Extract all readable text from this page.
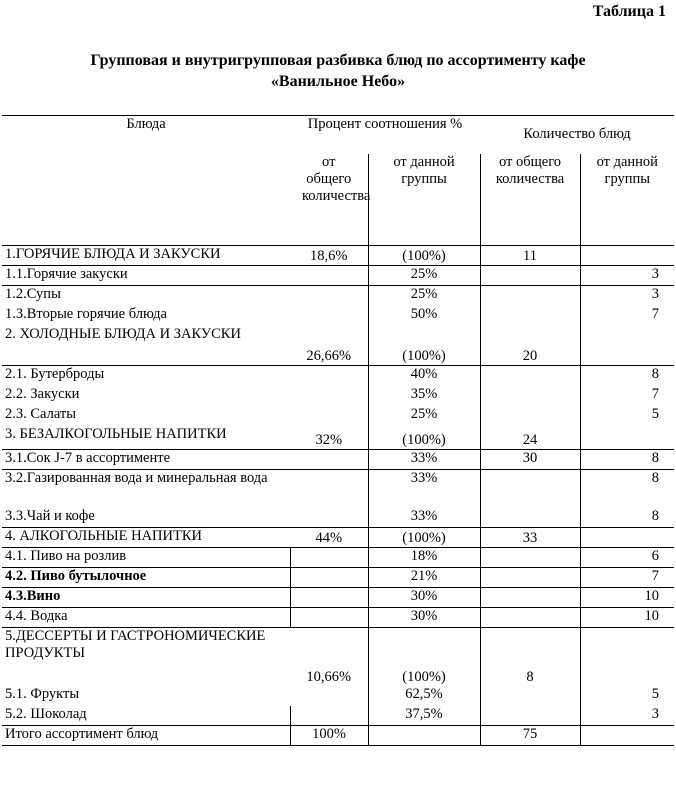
Таблица 1
Групповая и внутригрупповая разбивка блюд по ассортименту кафе
«Ванильное Небо»
Блюда	Процент соотношения %		Количество блюд	
	от общего количества	от данной группы	от общего количества	от данной группы
1.ГОРЯЧИЕ БЛЮДА И ЗАКУСКИ	18,6%	(100%)	11	
1.1.Горячие закуски		25%		3
1.2.Супы		25%		3
1.3.Вторые горячие блюда		50%		7
2. ХОЛОДНЫЕ БЛЮДА И ЗАКУСКИ	26,66%	(100%)	20	
2.1. Бутерброды		40%		8
2.2. Закуски		35%		7
2.3. Салаты		25%		5
3. БЕЗАЛКОГОЛЬНЫЕ НАПИТКИ	32%	(100%)	24	
3.1.Сок J-7 в ассортименте		33%	30	8
3.2.Газированная вода и минеральная вода		33%		8
3.3.Чай и кофе		33%		8
4. АЛКОГОЛЬНЫЕ НАПИТКИ	44%	(100%)	33	
4.1. Пиво на розлив		18%		6
4.2. Пиво бутылочное		21%		7
4.3.Вино		30%		10
4.4. Водка		30%		10
5.ДЕССЕРТЫ И ГАСТРОНОМИЧЕСКИЕ ПРОДУКТЫ	10,66%	(100%)	8	
5.1. Фрукты		62,5%		5
5.2. Шоколад		37,5%		3
Итого ассортимент блюд	100%		75	
